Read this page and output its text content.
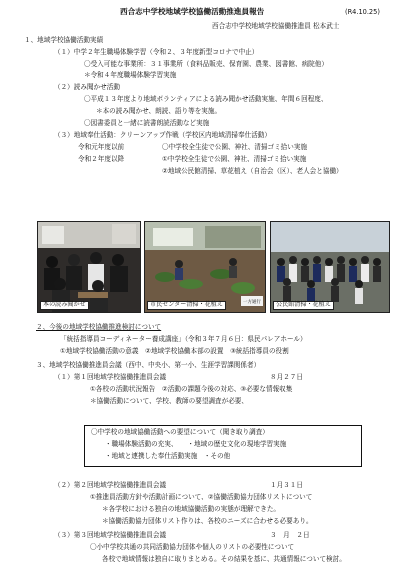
西合志中学校地域学校協働活動推進員報告	(R4.10.25)
西合志中学校地域学校協働推進員 松本武士
１、地域学校協働活動実績
（１）中学２年生職場体験学習（令和２、３年度新型コロナで中止）
〇受入可能な事業所：３１事業所（食料品販売、保育園、農業、図書館、病院他）
＊令和４年度職場体験学習実施
（２）読み聞かせ活動
〇平成１３年度より地域ボランティアによる読み聞かせ活動実施、年間６回程度、
＊本の読み聞かせ、朗読、語り等を実施。
〇図書委員と一緒に読書朗読活動など実施
（３）地域奉仕活動：クリーンアップ作戦（学校区内地域清掃奉仕活動）
令和元年度以前	〇中学校全生徒で公園、神社、清掃ゴミ拾い実施
令和２年度以降	①中学校全生徒で公園、神社、清掃ゴミ拾い実施
②地域公民館清掃、草花植え（自治会（区）、老人会と協働）
本の読み聞かせ	一方通行
市民センター清掃・花植え	公民館清掃・花植え
２、今後の地域学校協働推進検討について
「統括指導員コーディネーター養成講座」（令和３年７月６日：県民パレアホール）
①地域学校協働活動の意義　②地域学校協働本部の設置　③統括指導員の役割
３、地域学校協働推進員会議（西中、中央小、第一小、生涯学習課関係者）
（１）第１回地域学校協働推進員会議	８月２７日
①各校の活動状況報告　②活動の課題今後の対応、③必要な情報収集
＊協働活動について、学校、教師の要望調査が必要、
〇中学校の地域協働活動への要望について（聞き取り調査）
・職場体験活動の充実、　　・地域の歴史文化の現地学習実施
・地域と連携した奉仕活動実施　・その他
（２）第２回地域学校協働推進員会議	１月３１日
①推進員活動方針や活動計画について、②協働活動協力団体リストについて
＊各学校における独自の地域協働活動の実態が理解できた。
＊協働活動協力団体リスト作りは、各校のニーズに合わせる必要あり。
（３）第３回地域学校協働推進員会議	３　月　２日
〇小中学校共通の共同活動協力団体や個人のリストの必要性について
各校で地域情報は独自に取りまとめる。その結果を基に、共通情報について検討。
